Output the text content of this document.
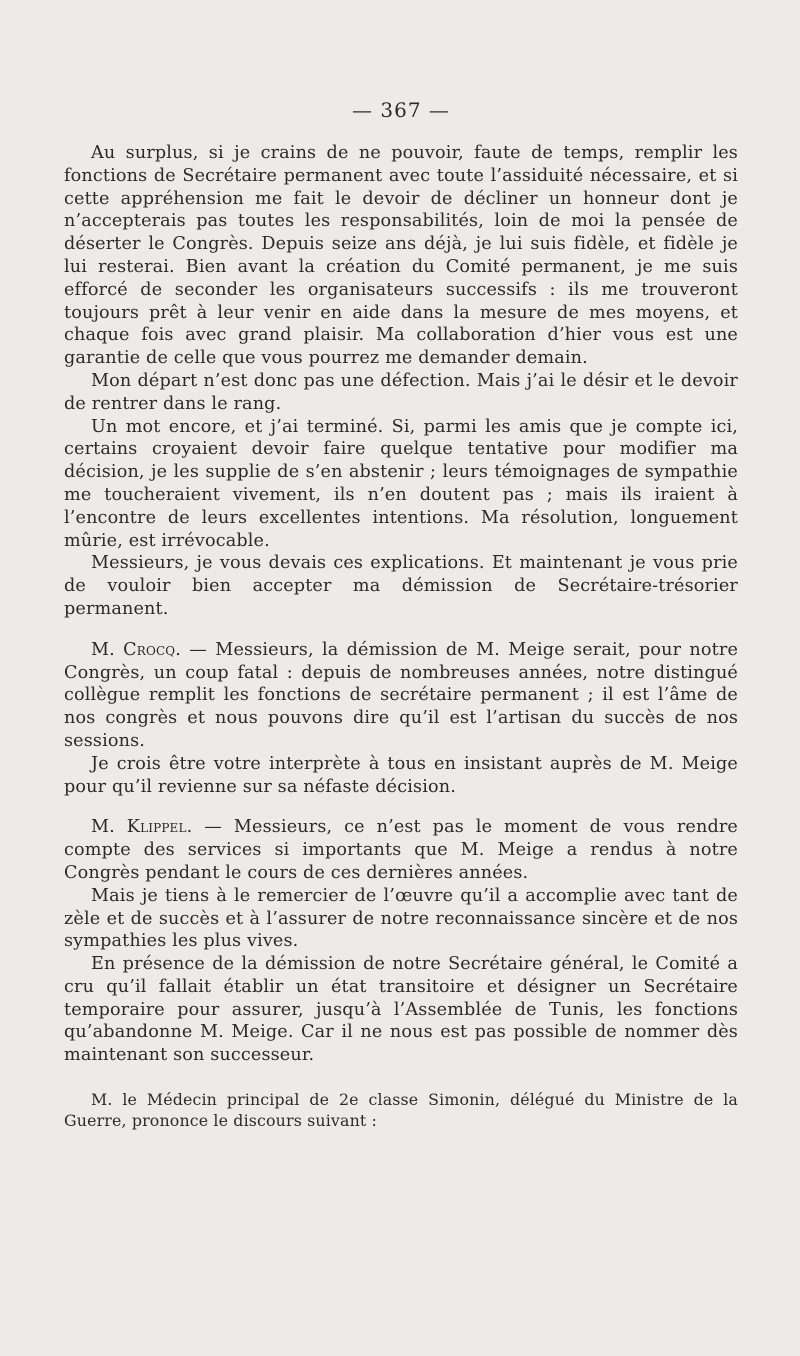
— 367 —

Au surplus, si je crains de ne pouvoir, faute de temps, remplir les fonctions de Secrétaire permanent avec toute l’assiduité nécessaire, et si cette appréhension me fait le devoir de décliner un honneur dont je n’accepterais pas toutes les responsabilités, loin de moi la pensée de déserter le Congrès. Depuis seize ans déjà, je lui suis fidèle, et fidèle je lui resterai. Bien avant la création du Comité permanent, je me suis efforcé de seconder les organisateurs successifs : ils me trouveront toujours prêt à leur venir en aide dans la mesure de mes moyens, et chaque fois avec grand plaisir. Ma collaboration d’hier vous est une garantie de celle que vous pourrez me demander demain.

Mon départ n’est donc pas une défection. Mais j’ai le désir et le devoir de rentrer dans le rang.

Un mot encore, et j’ai terminé. Si, parmi les amis que je compte ici, certains croyaient devoir faire quelque tentative pour modifier ma décision, je les supplie de s’en abstenir ; leurs témoignages de sympathie me toucheraient vivement, ils n’en doutent pas ; mais ils iraient à l’encontre de leurs excellentes intentions. Ma résolution, longuement mûrie, est irrévocable.

Messieurs, je vous devais ces explications. Et maintenant je vous prie de vouloir bien accepter ma démission de Secrétaire-trésorier permanent.

M. Crocq. — Messieurs, la démission de M. Meige serait, pour notre Congrès, un coup fatal : depuis de nombreuses années, notre distingué collègue remplit les fonctions de secrétaire permanent ; il est l’âme de nos congrès et nous pouvons dire qu’il est l’artisan du succès de nos sessions.

Je crois être votre interprète à tous en insistant auprès de M. Meige pour qu’il revienne sur sa néfaste décision.

M. Klippel. — Messieurs, ce n’est pas le moment de vous rendre compte des services si importants que M. Meige a rendus à notre Congrès pendant le cours de ces dernières années.

Mais je tiens à le remercier de l’œuvre qu’il a accomplie avec tant de zèle et de succès et à l’assurer de notre reconnaissance sincère et de nos sympathies les plus vives.

En présence de la démission de notre Secrétaire général, le Comité a cru qu’il fallait établir un état transitoire et désigner un Secrétaire temporaire pour assurer, jusqu’à l’Assemblée de Tunis, les fonctions qu’abandonne M. Meige. Car il ne nous est pas possible de nommer dès maintenant son successeur.

M. le Médecin principal de 2e classe Simonin, délégué du Ministre de la Guerre, prononce le discours suivant :
